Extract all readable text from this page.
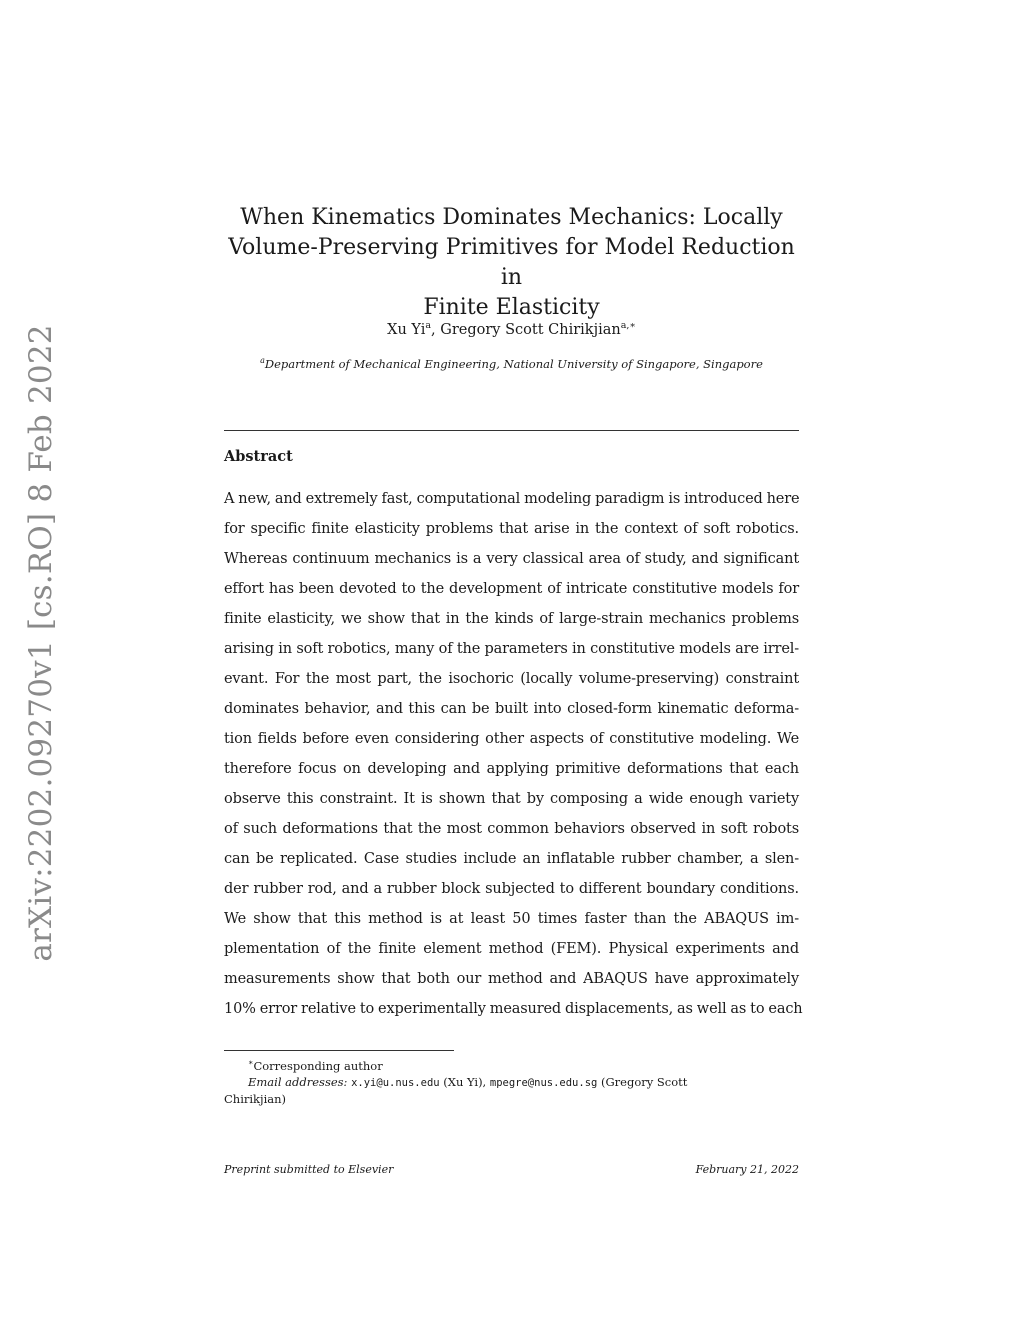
arXiv:2202.09270v1 [cs.RO] 8 Feb 2022
When Kinematics Dominates Mechanics: Locally
Volume-Preserving Primitives for Model Reduction in
Finite Elasticity
Xu Yi$^a$, Gregory Scott Chirikjian$^{a,∗}$
$^a$Department of Mechanical Engineering, National University of Singapore, Singapore
Abstract
A new, and extremely fast, computational modeling paradigm is introduced here
for specific finite elasticity problems that arise in the context of soft robotics.
Whereas continuum mechanics is a very classical area of study, and significant
effort has been devoted to the development of intricate constitutive models for
finite elasticity, we show that in the kinds of large-strain mechanics problems
arising in soft robotics, many of the parameters in constitutive models are irrel-
evant. For the most part, the isochoric (locally volume-preserving) constraint
dominates behavior, and this can be built into closed-form kinematic deforma-
tion fields before even considering other aspects of constitutive modeling. We
therefore focus on developing and applying primitive deformations that each
observe this constraint. It is shown that by composing a wide enough variety
of such deformations that the most common behaviors observed in soft robots
can be replicated. Case studies include an inflatable rubber chamber, a slen-
der rubber rod, and a rubber block subjected to different boundary conditions.
We show that this method is at least 50 times faster than the ABAQUS im-
plementation of the finite element method (FEM). Physical experiments and
measurements show that both our method and ABAQUS have approximately
10% error relative to experimentally measured displacements, as well as to each
∗Corresponding author
Email addresses: x.yi@u.nus.edu (Xu Yi), mpegre@nus.edu.sg (Gregory Scott
Chirikjian)
Preprint submitted to Elsevier	February 21, 2022
